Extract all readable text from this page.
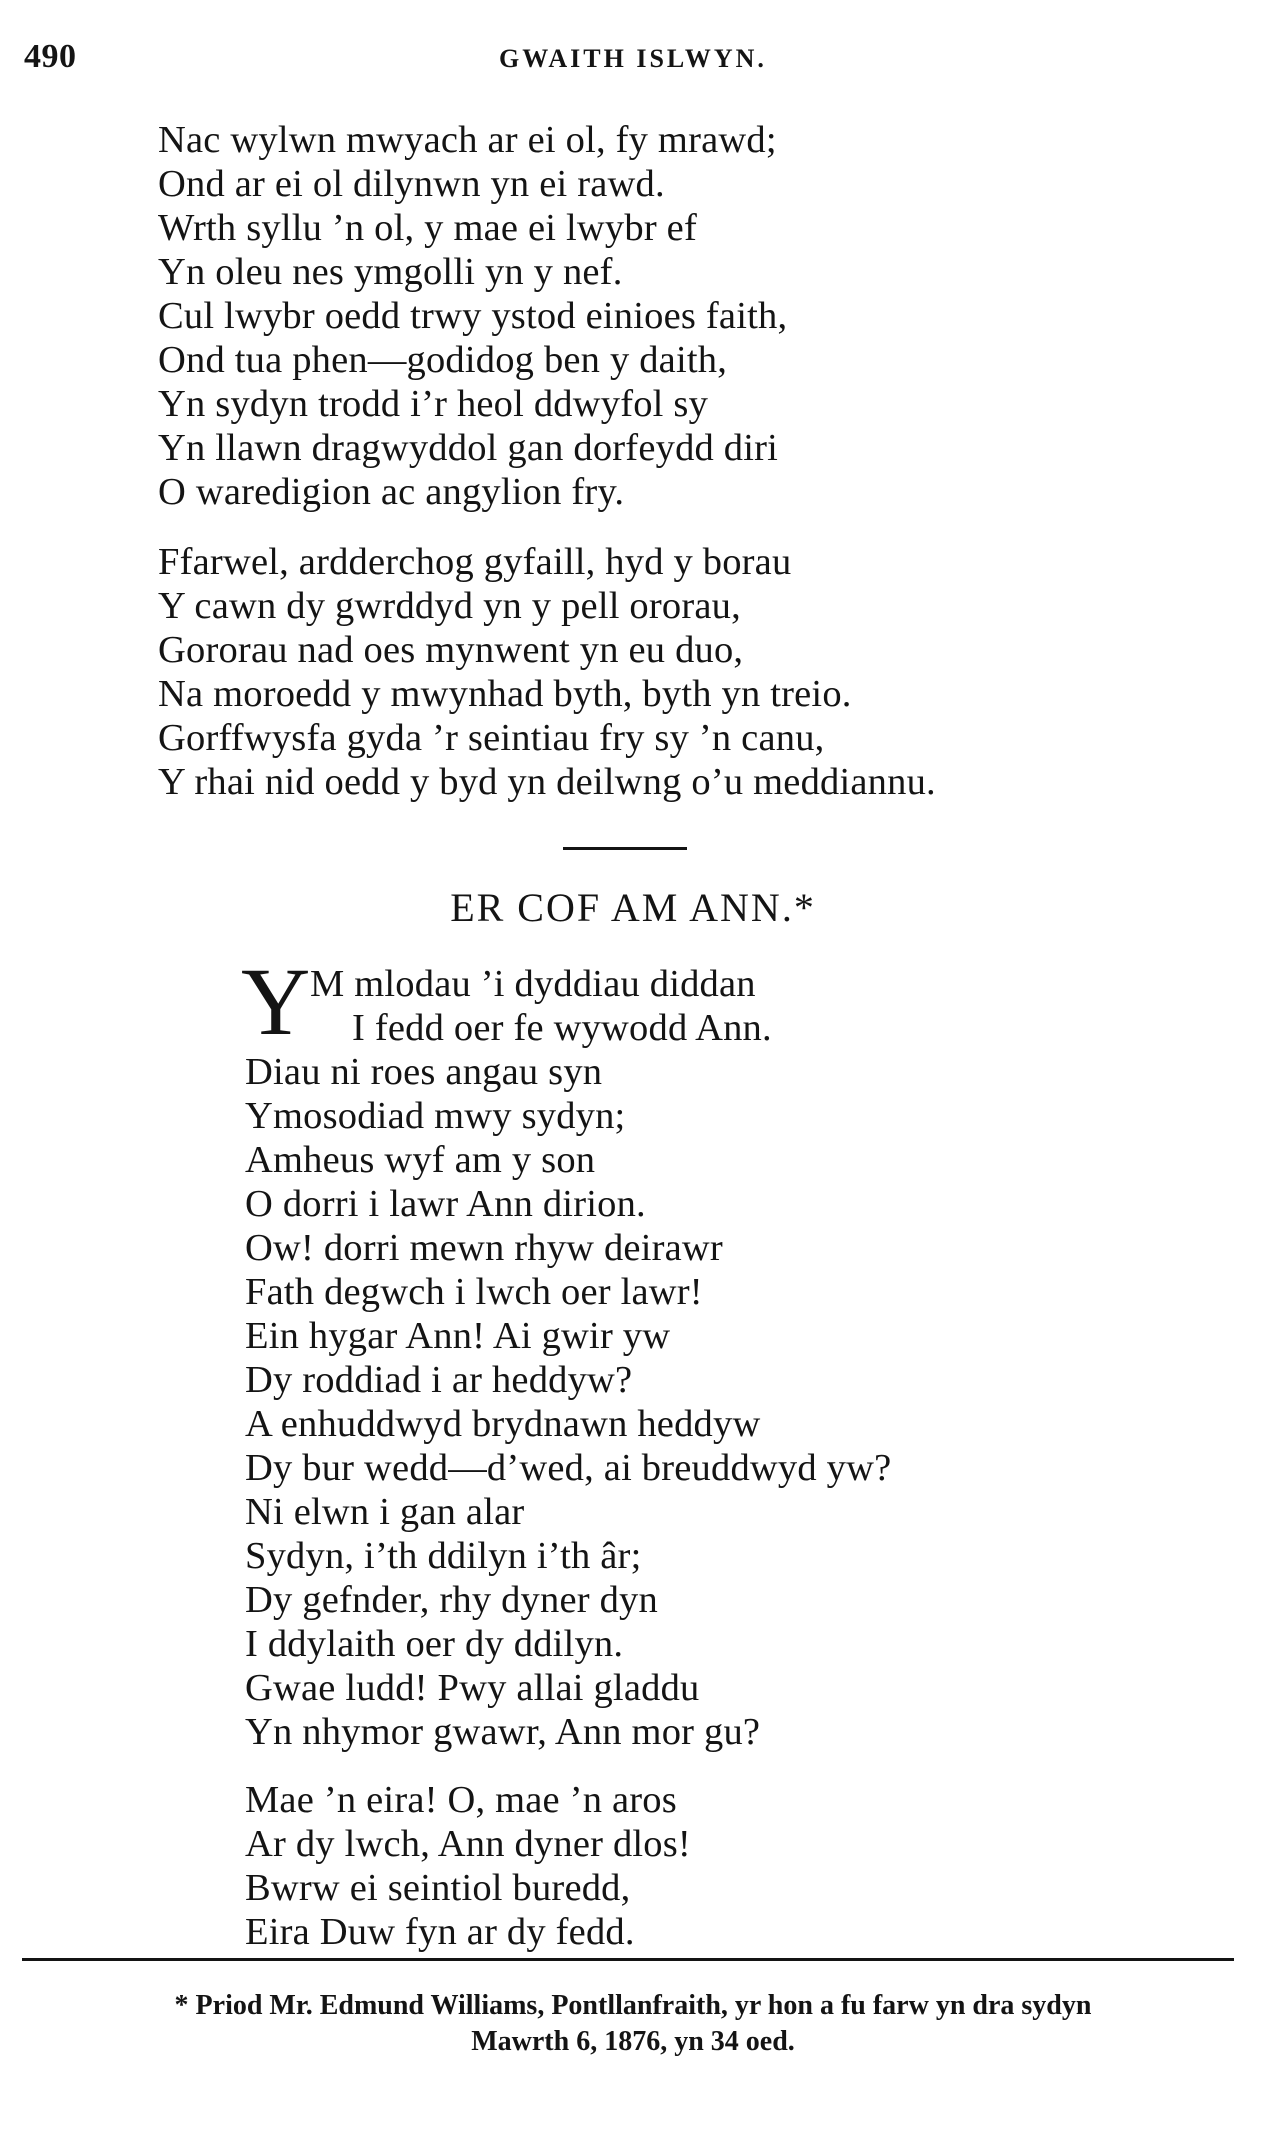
490	GWAITH ISLWYN.
Nac wylwn mwyach ar ei ol, fy mrawd;
Ond ar ei ol dilynwn yn ei rawd.
Wrth syllu ’n ol, y mae ei lwybr ef
Yn oleu nes ymgolli yn y nef.
Cul lwybr oedd trwy ystod einioes faith,
Ond tua phen—godidog ben y daith,
Yn sydyn trodd i’r heol ddwyfol sy
Yn llawn dragwyddol gan dorfeydd diri
O waredigion ac angylion fry.
Ffarwel, ardderchog gyfaill, hyd y borau
Y cawn dy gwrddyd yn y pell ororau,
Gororau nad oes mynwent yn eu duo,
Na moroedd y mwynhad byth, byth yn treio.
Gorffwysfa gyda ’r seintiau fry sy ’n canu,
Y rhai nid oedd y byd yn deilwng o’u meddiannu.
ER COF AM ANN.*
Y M mlodau ’i dyddiau diddan
I fedd oer fe wywodd Ann.
Diau ni roes angau syn
Ymosodiad mwy sydyn;
Amheus wyf am y son
O dorri i lawr Ann dirion.
Ow! dorri mewn rhyw deirawr
Fath degwch i lwch oer lawr!
Ein hygar Ann! Ai gwir yw
Dy roddiad i ar heddyw?
A enhuddwyd brydnawn heddyw
Dy bur wedd—d’wed, ai breuddwyd yw?
Ni elwn i gan alar
Sydyn, i’th ddilyn i’th âr;
Dy gefnder, rhy dyner dyn
I ddylaith oer dy ddilyn.
Gwae ludd! Pwy allai gladdu
Yn nhymor gwawr, Ann mor gu?
Mae ’n eira! O, mae ’n aros
Ar dy lwch, Ann dyner dlos!
Bwrw ei seintiol buredd,
Eira Duw fyn ar dy fedd.
* Priod Mr. Edmund Williams, Pontllanfraith, yr hon a fu farw yn dra sydyn
Mawrth 6, 1876, yn 34 oed.
